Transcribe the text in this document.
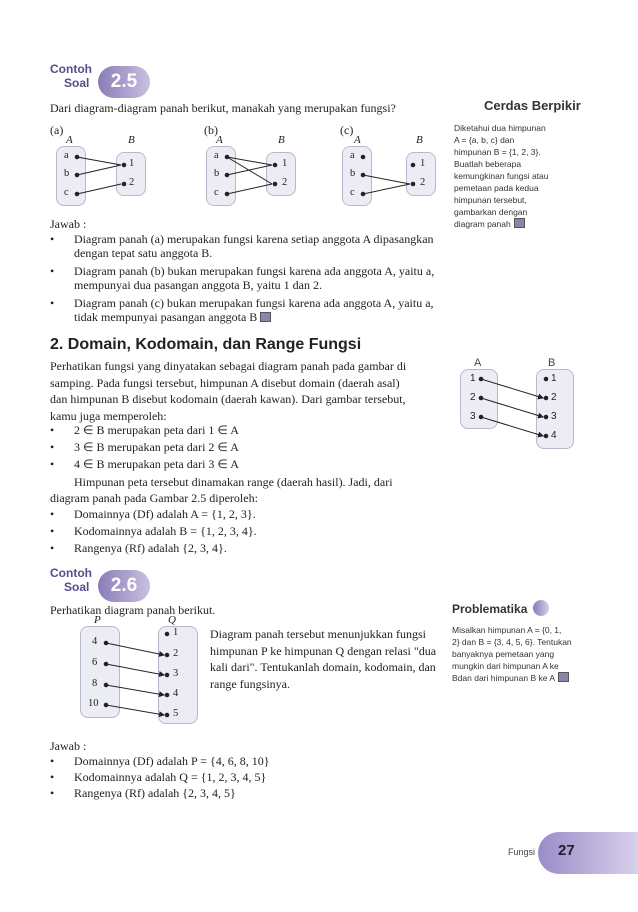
Contoh
Soal	2.5
Dari diagram-diagram panah berikut, manakah yang merupakan fungsi?
(a)	(b)	(c)
A	B
a
b
c
1
2
A	B
a
b
c
1
2
A	B
a
b
c
1
2
Jawab :
• Diagram panah (a) merupakan fungsi karena setiap anggota A dipasangkan
dengan tepat satu anggota B.
• Diagram panah (b) bukan merupakan fungsi karena ada anggota A, yaitu a,
mempunyai dua pasangan anggota B, yaitu 1 dan 2.
• Diagram panah (c) bukan merupakan fungsi karena ada anggota A, yaitu a,
tidak mempunyai pasangan anggota B
Cerdas Berpikir
Diketahui dua himpunan
A = {a, b, c} dan
himpunan B = {1, 2, 3}.
Buatlah beberapa
kemungkinan fungsi atau
pemetaan pada kedua
himpunan tersebut,
gambarkan dengan
diagram panah
2. Domain, Kodomain, dan Range Fungsi
Perhatikan fungsi yang dinyatakan sebagai diagram panah pada gambar di
samping. Pada fungsi tersebut, himpunan A disebut domain (daerah asal)
dan himpunan B disebut kodomain (daerah kawan). Dari gambar tersebut,
kamu juga memperoleh:
• 2 ∈ B merupakan peta dari 1 ∈ A
• 3 ∈ B merupakan peta dari 2 ∈ A
• 4 ∈ B merupakan peta dari 3 ∈ A
Himpunan peta tersebut dinamakan range (daerah hasil). Jadi, dari
diagram panah pada Gambar 2.5 diperoleh:
• Domainnya (Df) adalah A = {1, 2, 3}.
• Kodomainnya adalah B = {1, 2, 3, 4}.
• Rangenya (Rf) adalah {2, 3, 4}.
A	B
1
2
3
1
2
3
4
Contoh
Soal	2.6
Perhatikan diagram panah berikut.
P	Q
4
6
8
10
1
2
3
4
5
Diagram panah tersebut menunjukkan fungsi
himpunan P ke himpunan Q dengan relasi "dua
kali dari". Tentukanlah domain, kodomain, dan
range fungsinya.
Jawab :
• Domainnya (Df) adalah P = {4, 6, 8, 10}
• Kodomainnya adalah Q = {1, 2, 3, 4, 5}
• Rangenya (Rf) adalah {2, 3, 4, 5}
Problematika
Misalkan himpunan A = {0, 1,
2} dan B = {3, 4, 5, 6}. Tentukan
banyaknya pemetaan yang
mungkin dari himpunan A ke
Bdan dari himpunan B ke A
Fungsi 27
